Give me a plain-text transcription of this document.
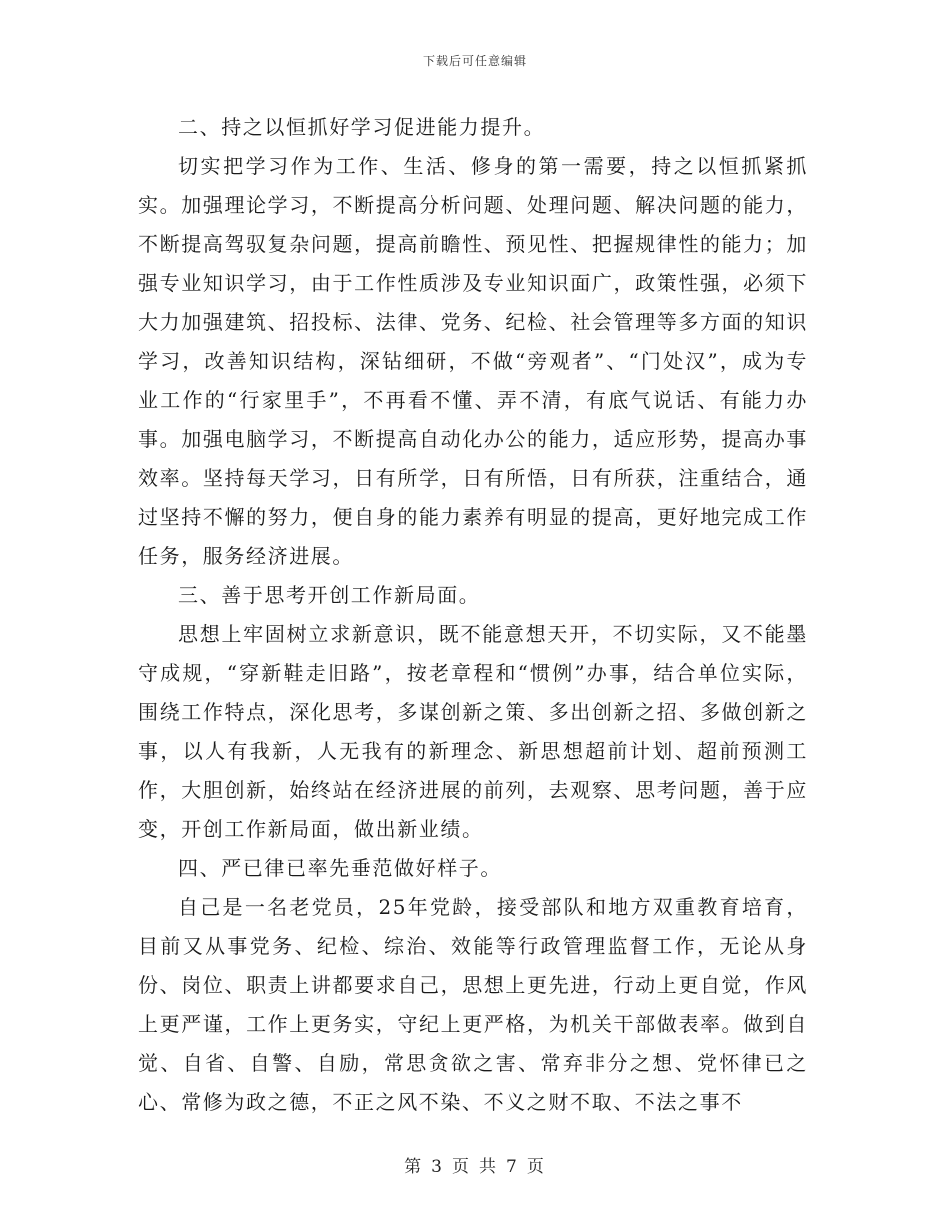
下载后可任意编辑

二、持之以恒抓好学习促进能力提升。

切实把学习作为工作、生活、修身的第一需要，持之以恒抓紧抓实。加强理论学习，不断提高分析问题、处理问题、解决问题的能力，不断提高驾驭复杂问题，提高前瞻性、预见性、把握规律性的能力；加强专业知识学习，由于工作性质涉及专业知识面广，政策性强，必须下大力加强建筑、招投标、法律、党务、纪检、社会管理等多方面的知识学习，改善知识结构，深钻细研，不做“旁观者”、“门处汉”，成为专业工作的“行家里手”，不再看不懂、弄不清，有底气说话、有能力办事。加强电脑学习，不断提高自动化办公的能力，适应形势，提高办事效率。坚持每天学习，日有所学，日有所悟，日有所获，注重结合，通过坚持不懈的努力，便自身的能力素养有明显的提高，更好地完成工作任务，服务经济进展。

三、善于思考开创工作新局面。

思想上牢固树立求新意识，既不能意想天开，不切实际，又不能墨守成规，“穿新鞋走旧路”，按老章程和“惯例”办事，结合单位实际，围绕工作特点，深化思考，多谋创新之策、多出创新之招、多做创新之事，以人有我新，人无我有的新理念、新思想超前计划、超前预测工作，大胆创新，始终站在经济进展的前列，去观察、思考问题，善于应变，开创工作新局面，做出新业绩。

四、严已律已率先垂范做好样子。

自己是一名老党员，25年党龄，接受部队和地方双重教育培育，目前又从事党务、纪检、综治、效能等行政管理监督工作，无论从身份、岗位、职责上讲都要求自己，思想上更先进，行动上更自觉，作风上更严谨，工作上更务实，守纪上更严格，为机关干部做表率。做到自觉、自省、自警、自励，常思贪欲之害、常弃非分之想、党怀律已之心、常修为政之德，不正之风不染、不义之财不取、不法之事不

第 3 页 共 7 页
